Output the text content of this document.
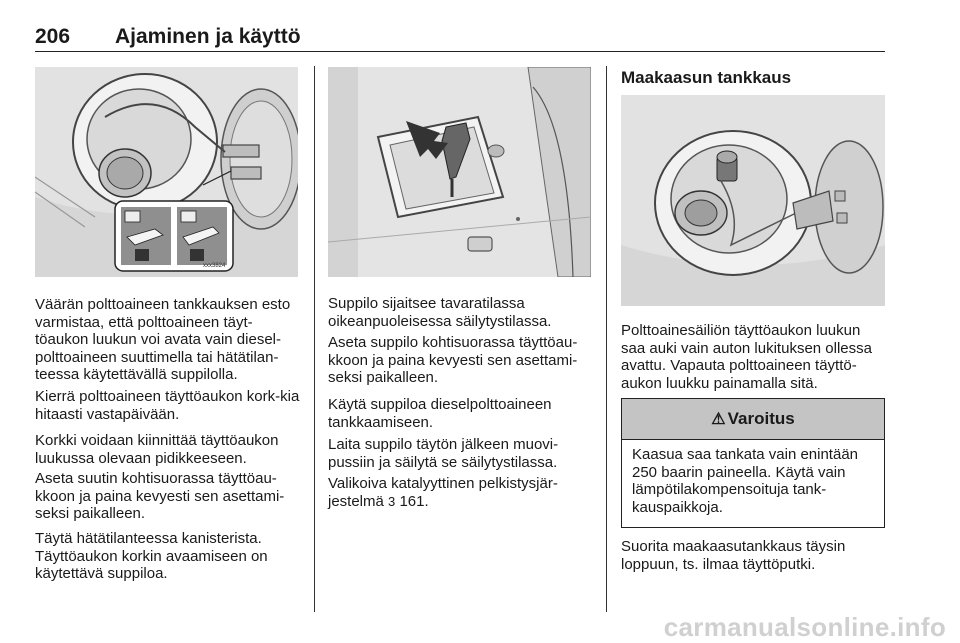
206 Ajaminen ja käyttö
xxx3824

Väärän polttoaineen tankkauksen esto varmistaa, että polttoaineen täyt-töaukon luukun voi avata vain diesel-polttoaineen suuttimella tai hätätilan-teessa käytettävällä suppilolla.

Kierrä polttoaineen täyttöaukon kork-kia hitaasti vastapäivään.

Korkki voidaan kiinnittää täyttöaukon luukussa olevaan pidikkeeseen.

Aseta suutin kohtisuorassa täyttöau-kkoon ja paina kevyesti sen asettami-seksi paikalleen.

Täytä hätätilanteessa kanisterista. Täyttöaukon korkin avaamiseen on käytettävä suppiloa.

Suppilo sijaitsee tavaratilassa oikeanpuoleisessa säilytystilassa.

Aseta suppilo kohtisuorassa täyttöau-kkoon ja paina kevyesti sen asettami-seksi paikalleen.

Käytä suppiloa dieselpolttoaineen tankkaamiseen.

Laita suppilo täytön jälkeen muovi-pussiin ja säilytä se säilytystilassa.

Valikoiva katalyyttinen pelkistysjär-jestelmä 3 161.

Maakaasun tankkaus

Polttoainesäiliön täyttöaukon luukun saa auki vain auton lukituksen ollessa avattu. Vapauta polttoaineen täyttö-aukon luukku painamalla sitä.

⚠ Varoitus

Kaasua saa tankata vain enintään 250 baarin paineella. Käytä vain lämpötilakompensoituja tank-kauspaikkoja.

Suorita maakaasutankkaus täysin loppuun, ts. ilmaa täyttöputki.

carmanualsonline.info
